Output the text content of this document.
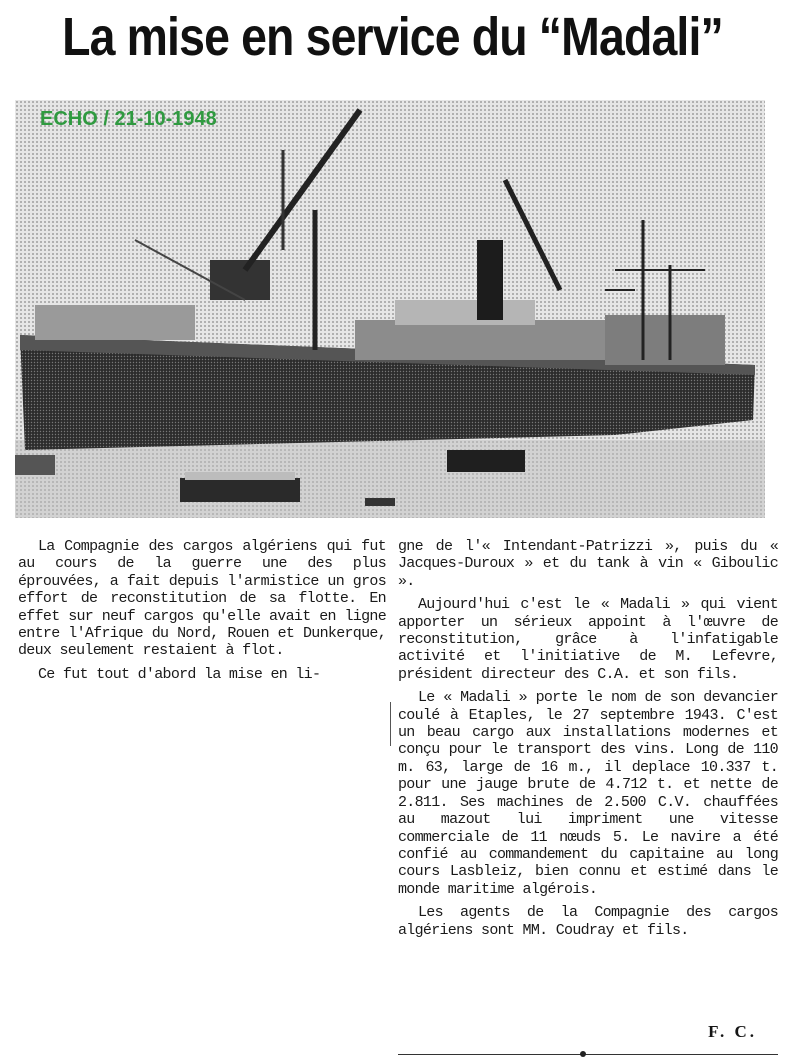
La mise en service du “Madali”
ECHO / 21-10-1948

La Compagnie des cargos algériens qui fut au cours de la guerre une des plus éprouvées, a fait depuis l'armistice un gros effort de reconstitution de sa flotte. En effet sur neuf cargos qu'elle avait en ligne entre l'Afrique du Nord, Rouen et Dunkerque, deux seulement restaient à flot.

Ce fut tout d'abord la mise en li-

gne de l'« Intendant-Patrizzi », puis du « Jacques-Duroux » et du tank à vin « Giboulic ».

Aujourd'hui c'est le « Madali » qui vient apporter un sérieux appoint à l'œuvre de reconstitution, grâce à l'infatigable activité et l'initiative de M. Lefevre, président directeur des C.A. et son fils.

Le « Madali » porte le nom de son devancier coulé à Etaples, le 27 septembre 1943. C'est un beau cargo aux installations modernes et conçu pour le transport des vins. Long de 110 m. 63, large de 16 m., il deplace 10.337 t. pour une jauge brute de 4.712 t. et nette de 2.811. Ses machines de 2.500 C.V. chauffées au mazout lui impriment une vitesse commerciale de 11 nœuds 5. Le navire a été confié au commandement du capitaine au long cours Lasbleiz, bien connu et estimé dans le monde maritime algérois.

Les agents de la Compagnie des cargos algériens sont MM. Coudray et fils.

F. C.
